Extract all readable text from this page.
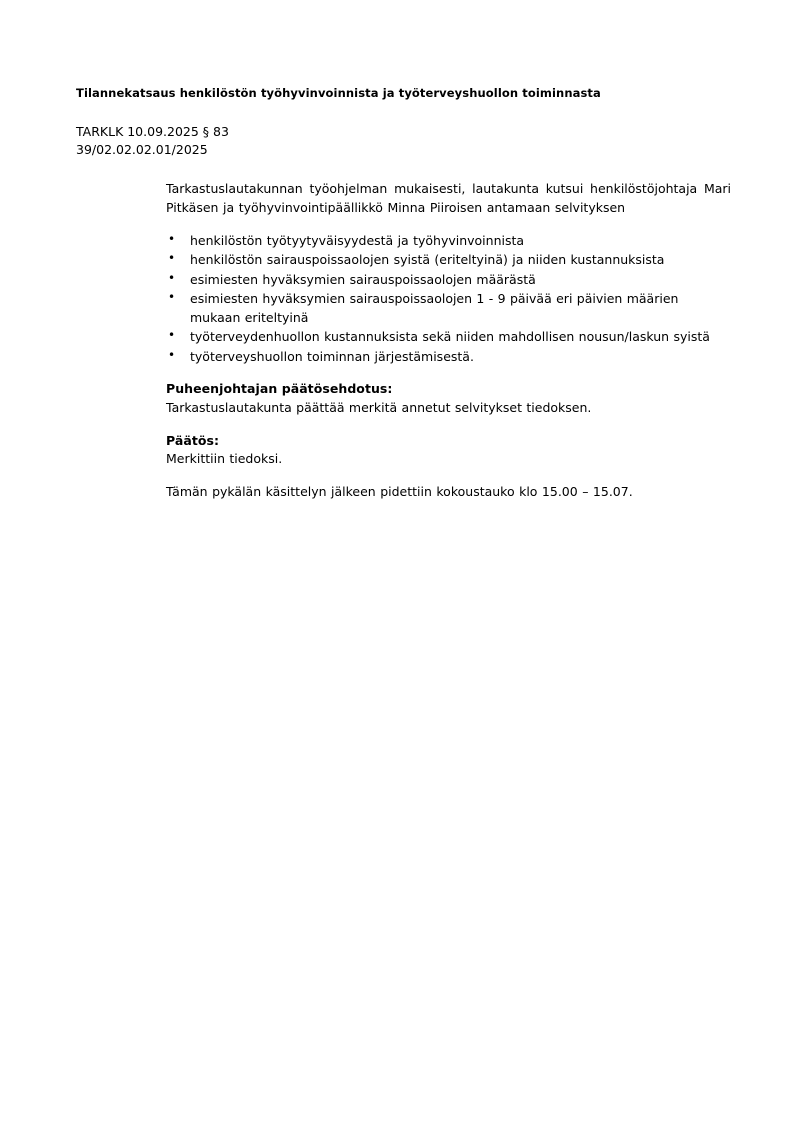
Tilannekatsaus henkilöstön työhyvinvoinnista ja työterveyshuollon toiminnasta
TARKLK 10.09.2025 § 83
39/02.02.02.01/2025

Tarkastuslautakunnan työohjelman mukaisesti, lautakunta kutsui henkilöstöjohtaja Mari Pitkäsen ja työhyvinvointipäällikkö Minna Piiroisen antamaan selvityksen

• henkilöstön työtyytyväisyydestä ja työhyvinvoinnista
• henkilöstön sairauspoissaolojen syistä (eriteltyinä) ja niiden kustannuksista
• esimiesten hyväksymien sairauspoissaolojen määrästä
• esimiesten hyväksymien sairauspoissaolojen 1 - 9 päivää eri päivien määrien mukaan eriteltyinä
• työterveydenhuollon kustannuksista sekä niiden mahdollisen nousun/laskun syistä
• työterveyshuollon toiminnan järjestämisestä.
Puheenjohtajan päätösehdotus:
Tarkastuslautakunta päättää merkitä annetut selvitykset tiedoksen.
Päätös:
Merkittiin tiedoksi.
Tämän pykälän käsittelyn jälkeen pidettiin kokoustauko klo 15.00 – 15.07.
